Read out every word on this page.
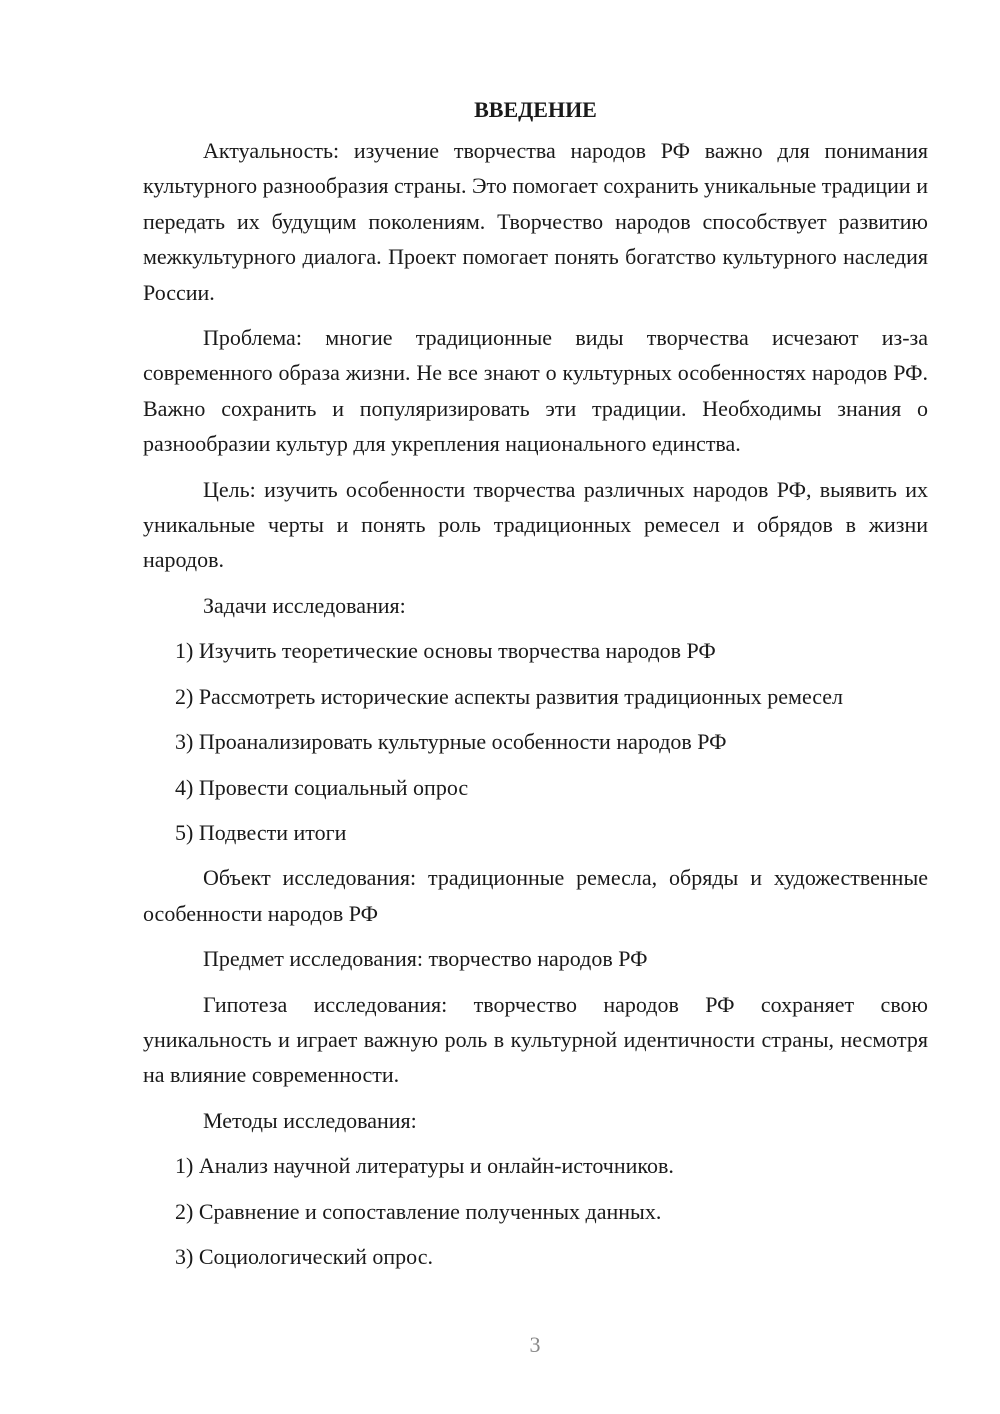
ВВЕДЕНИЕ

Актуальность: изучение творчества народов РФ важно для понимания культурного разнообразия страны. Это помогает сохранить уникальные традиции и передать их будущим поколениям. Творчество народов способствует развитию межкультурного диалога. Проект помогает понять богатство культурного наследия России.

Проблема: многие традиционные виды творчества исчезают из-за современного образа жизни. Не все знают о культурных особенностях народов РФ. Важно сохранить и популяризировать эти традиции. Необходимы знания о разнообразии культур для укрепления национального единства.

Цель: изучить особенности творчества различных народов РФ, выявить их уникальные черты и понять роль традиционных ремесел и обрядов в жизни народов.

Задачи исследования:

1) Изучить теоретические основы творчества народов РФ

2) Рассмотреть исторические аспекты развития традиционных ремесел

3) Проанализировать культурные особенности народов РФ

4) Провести социальный опрос

5) Подвести итоги

Объект исследования: традиционные ремесла, обряды и художественные особенности народов РФ

Предмет исследования: творчество народов РФ

Гипотеза исследования: творчество народов РФ сохраняет свою уникальность и играет важную роль в культурной идентичности страны, несмотря на влияние современности.

Методы исследования:

1) Анализ научной литературы и онлайн-источников.

2) Сравнение и сопоставление полученных данных.

3) Социологический опрос.

3
